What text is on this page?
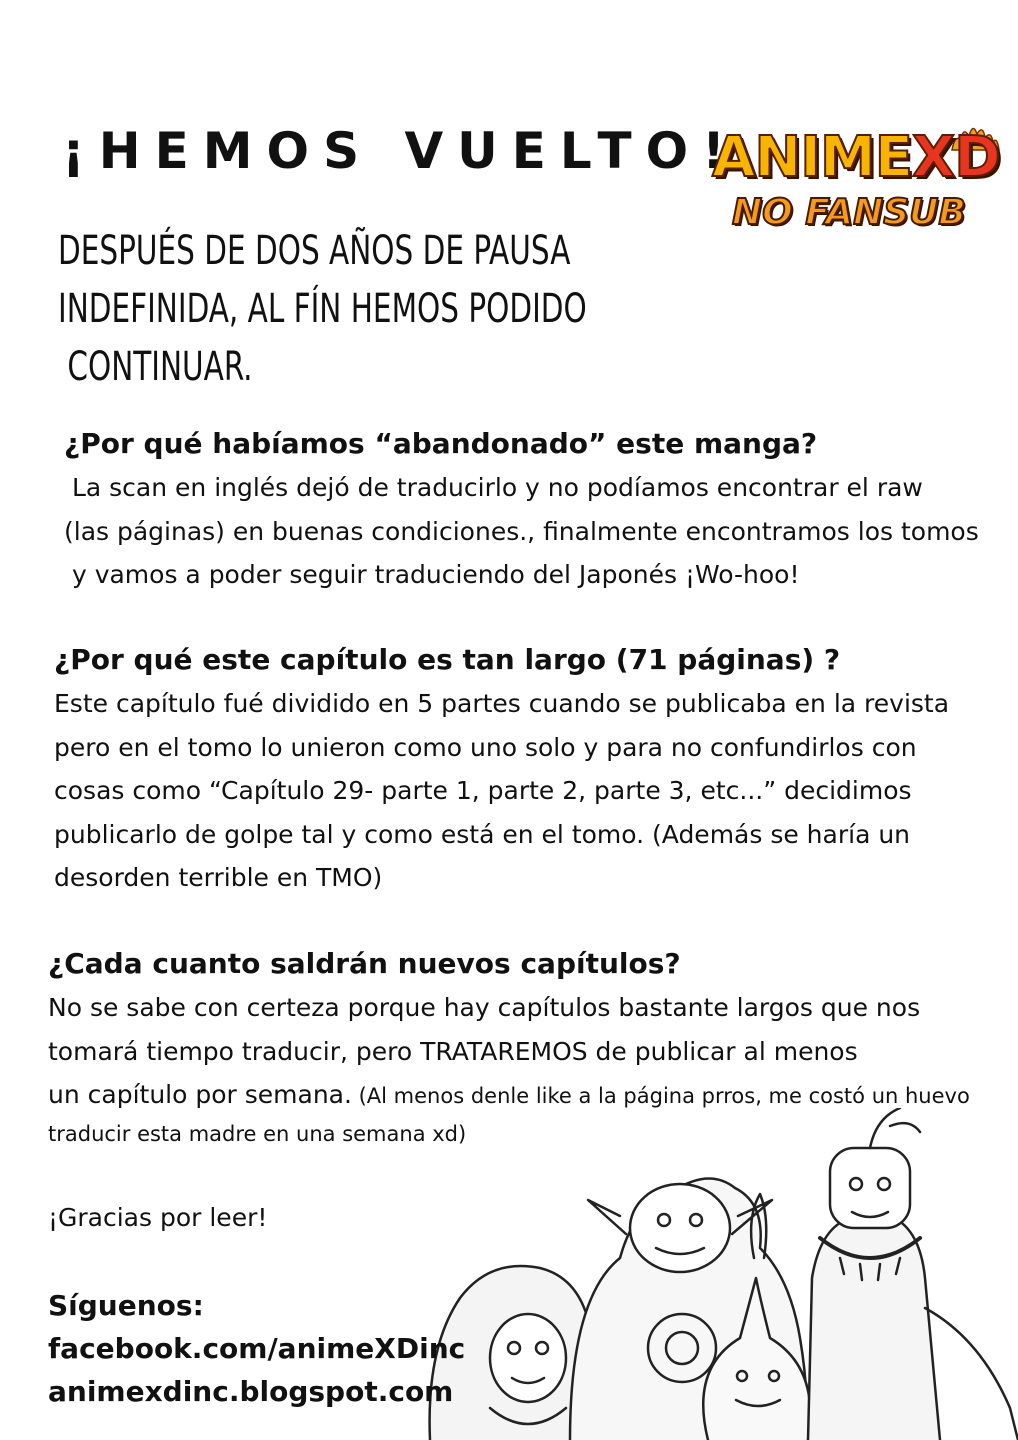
¡HEMOS VUELTO!
ANIMEXD
NO FANSUB
DESPUÉS DE DOS AÑOS DE PAUSA
INDEFINIDA, AL FÍN HEMOS PODIDO
CONTINUAR.
¿Por qué habíamos “abandonado” este manga?
La scan en inglés dejó de traducirlo y no podíamos encontrar el raw
(las páginas) en buenas condiciones., finalmente encontramos los tomos
y vamos a poder seguir traduciendo del Japonés ¡Wo-hoo!
¿Por qué este capítulo es tan largo (71 páginas) ?
Este capítulo fué dividido en 5 partes cuando se publicaba en la revista
pero en el tomo lo unieron como uno solo y para no confundirlos con
cosas como “Capítulo 29- parte 1, parte 2, parte 3, etc...” decidimos
publicarlo de golpe tal y como está en el tomo. (Además se haría un
desorden terrible en TMO)
¿Cada cuanto saldrán nuevos capítulos?
No se sabe con certeza porque hay capítulos bastante largos que nos
tomará tiempo traducir, pero TRATAREMOS de publicar al menos
un capítulo por semana. (Al menos denle like a la página prros, me costó un huevo
traducir esta madre en una semana xd)
¡Gracias por leer!
Síguenos:
facebook.com/animeXDinc
animexdinc.blogspot.com
